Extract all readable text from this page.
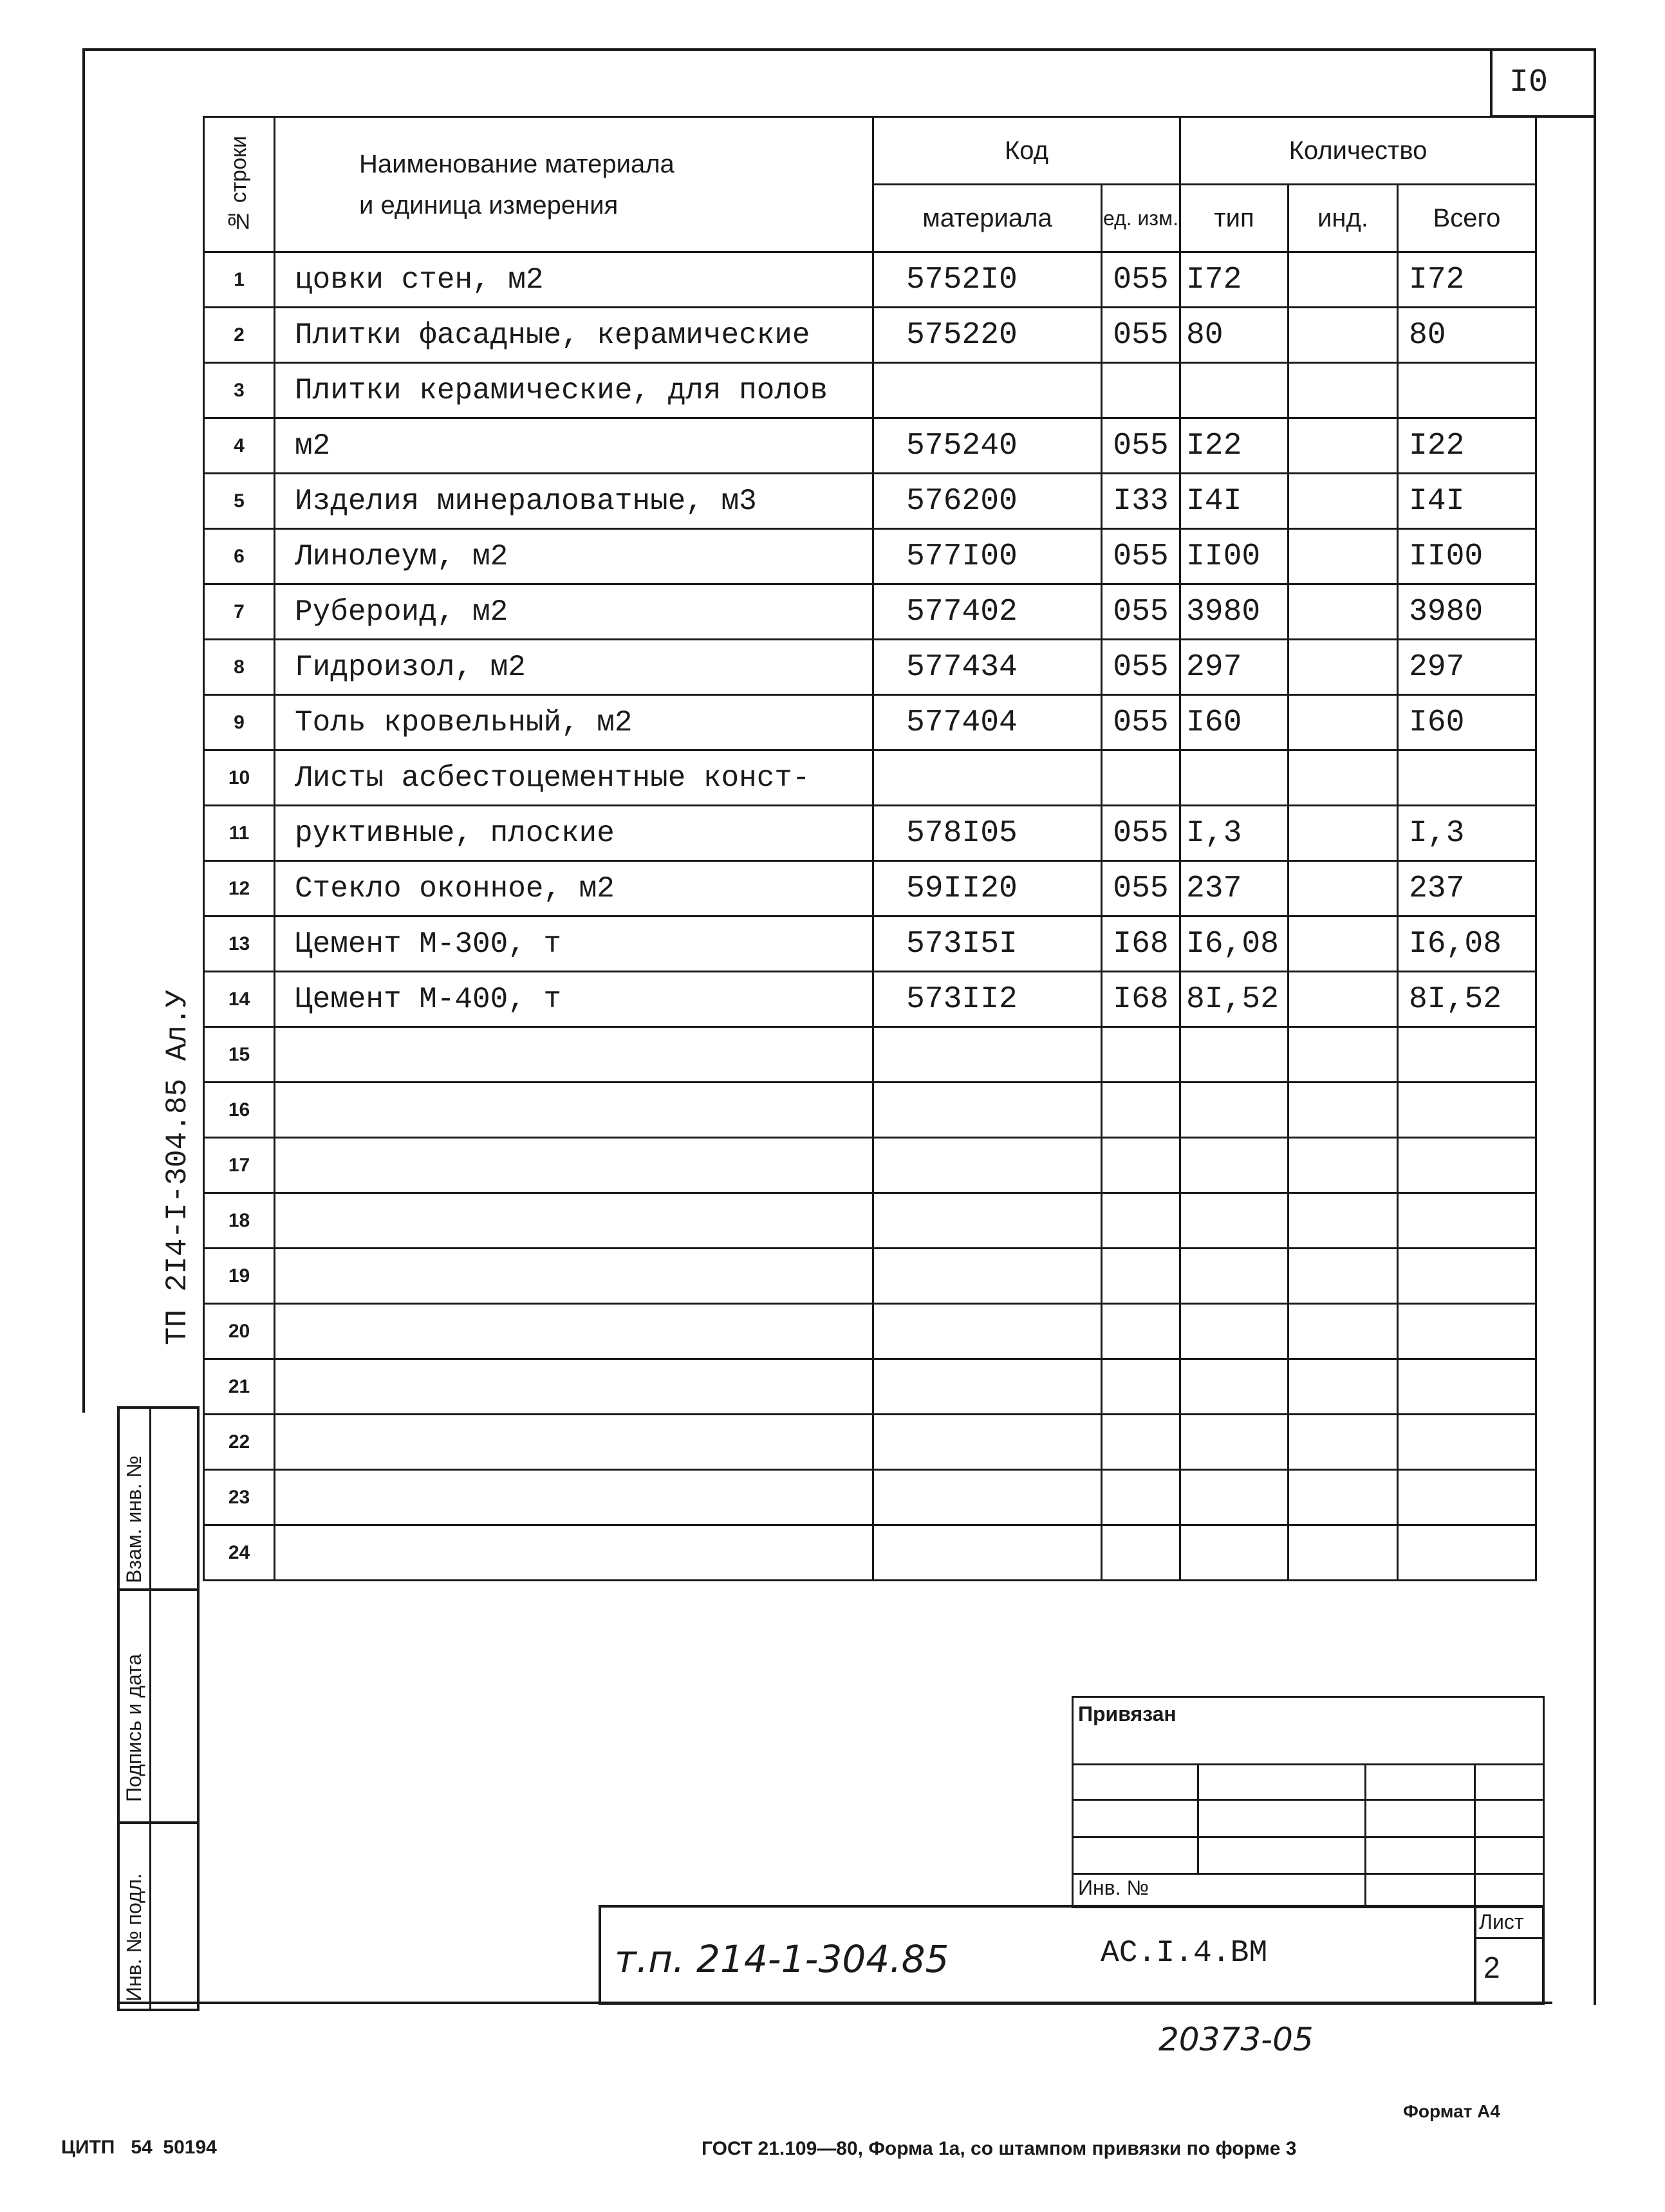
I0
ТП 2I4-I-304.85 Ал.У
№ строки	Наименование материала
и единица измерения	Код		Количество		
		материала	ед. изм.	тип	инд.	Всего
1	цовки стен, м2	5752I0	055	I72		I72
2	Плитки фасадные, керамические	575220	055	80		80
3	Плитки керамические, для полов					
4	м2	575240	055	I22		I22
5	Изделия минераловатные, м3	576200	I33	I4I		I4I
6	Линолеум, м2	577I00	055	II00		II00
7	Рубероид, м2	577402	055	3980		3980
8	Гидроизол, м2	577434	055	297		297
9	Толь кровельный, м2	577404	055	I60		I60
10	Листы асбестоцементные конст-					
11	руктивные, плоские	578I05	055	I,3		I,3
12	Стекло оконное, м2	59II20	055	237		237
13	Цемент М-300, т	573I5I	I68	I6,08		I6,08
14	Цемент М-400, т	573II2	I68	8I,52		8I,52
15						
16						
17						
18						
19						
20						
21						
22						
23						
24						
Взам. инв. №
Подпись и дата
Инв. № подл.
Привязан
Инв. №
т.п. 214-1-304.85	АС.I.4.ВМ
Лист
2
20373-05
Формат А4
ЦИТП   54  50194	ГОСТ 21.109—80, Форма 1а, со штампом привязки по форме 3
